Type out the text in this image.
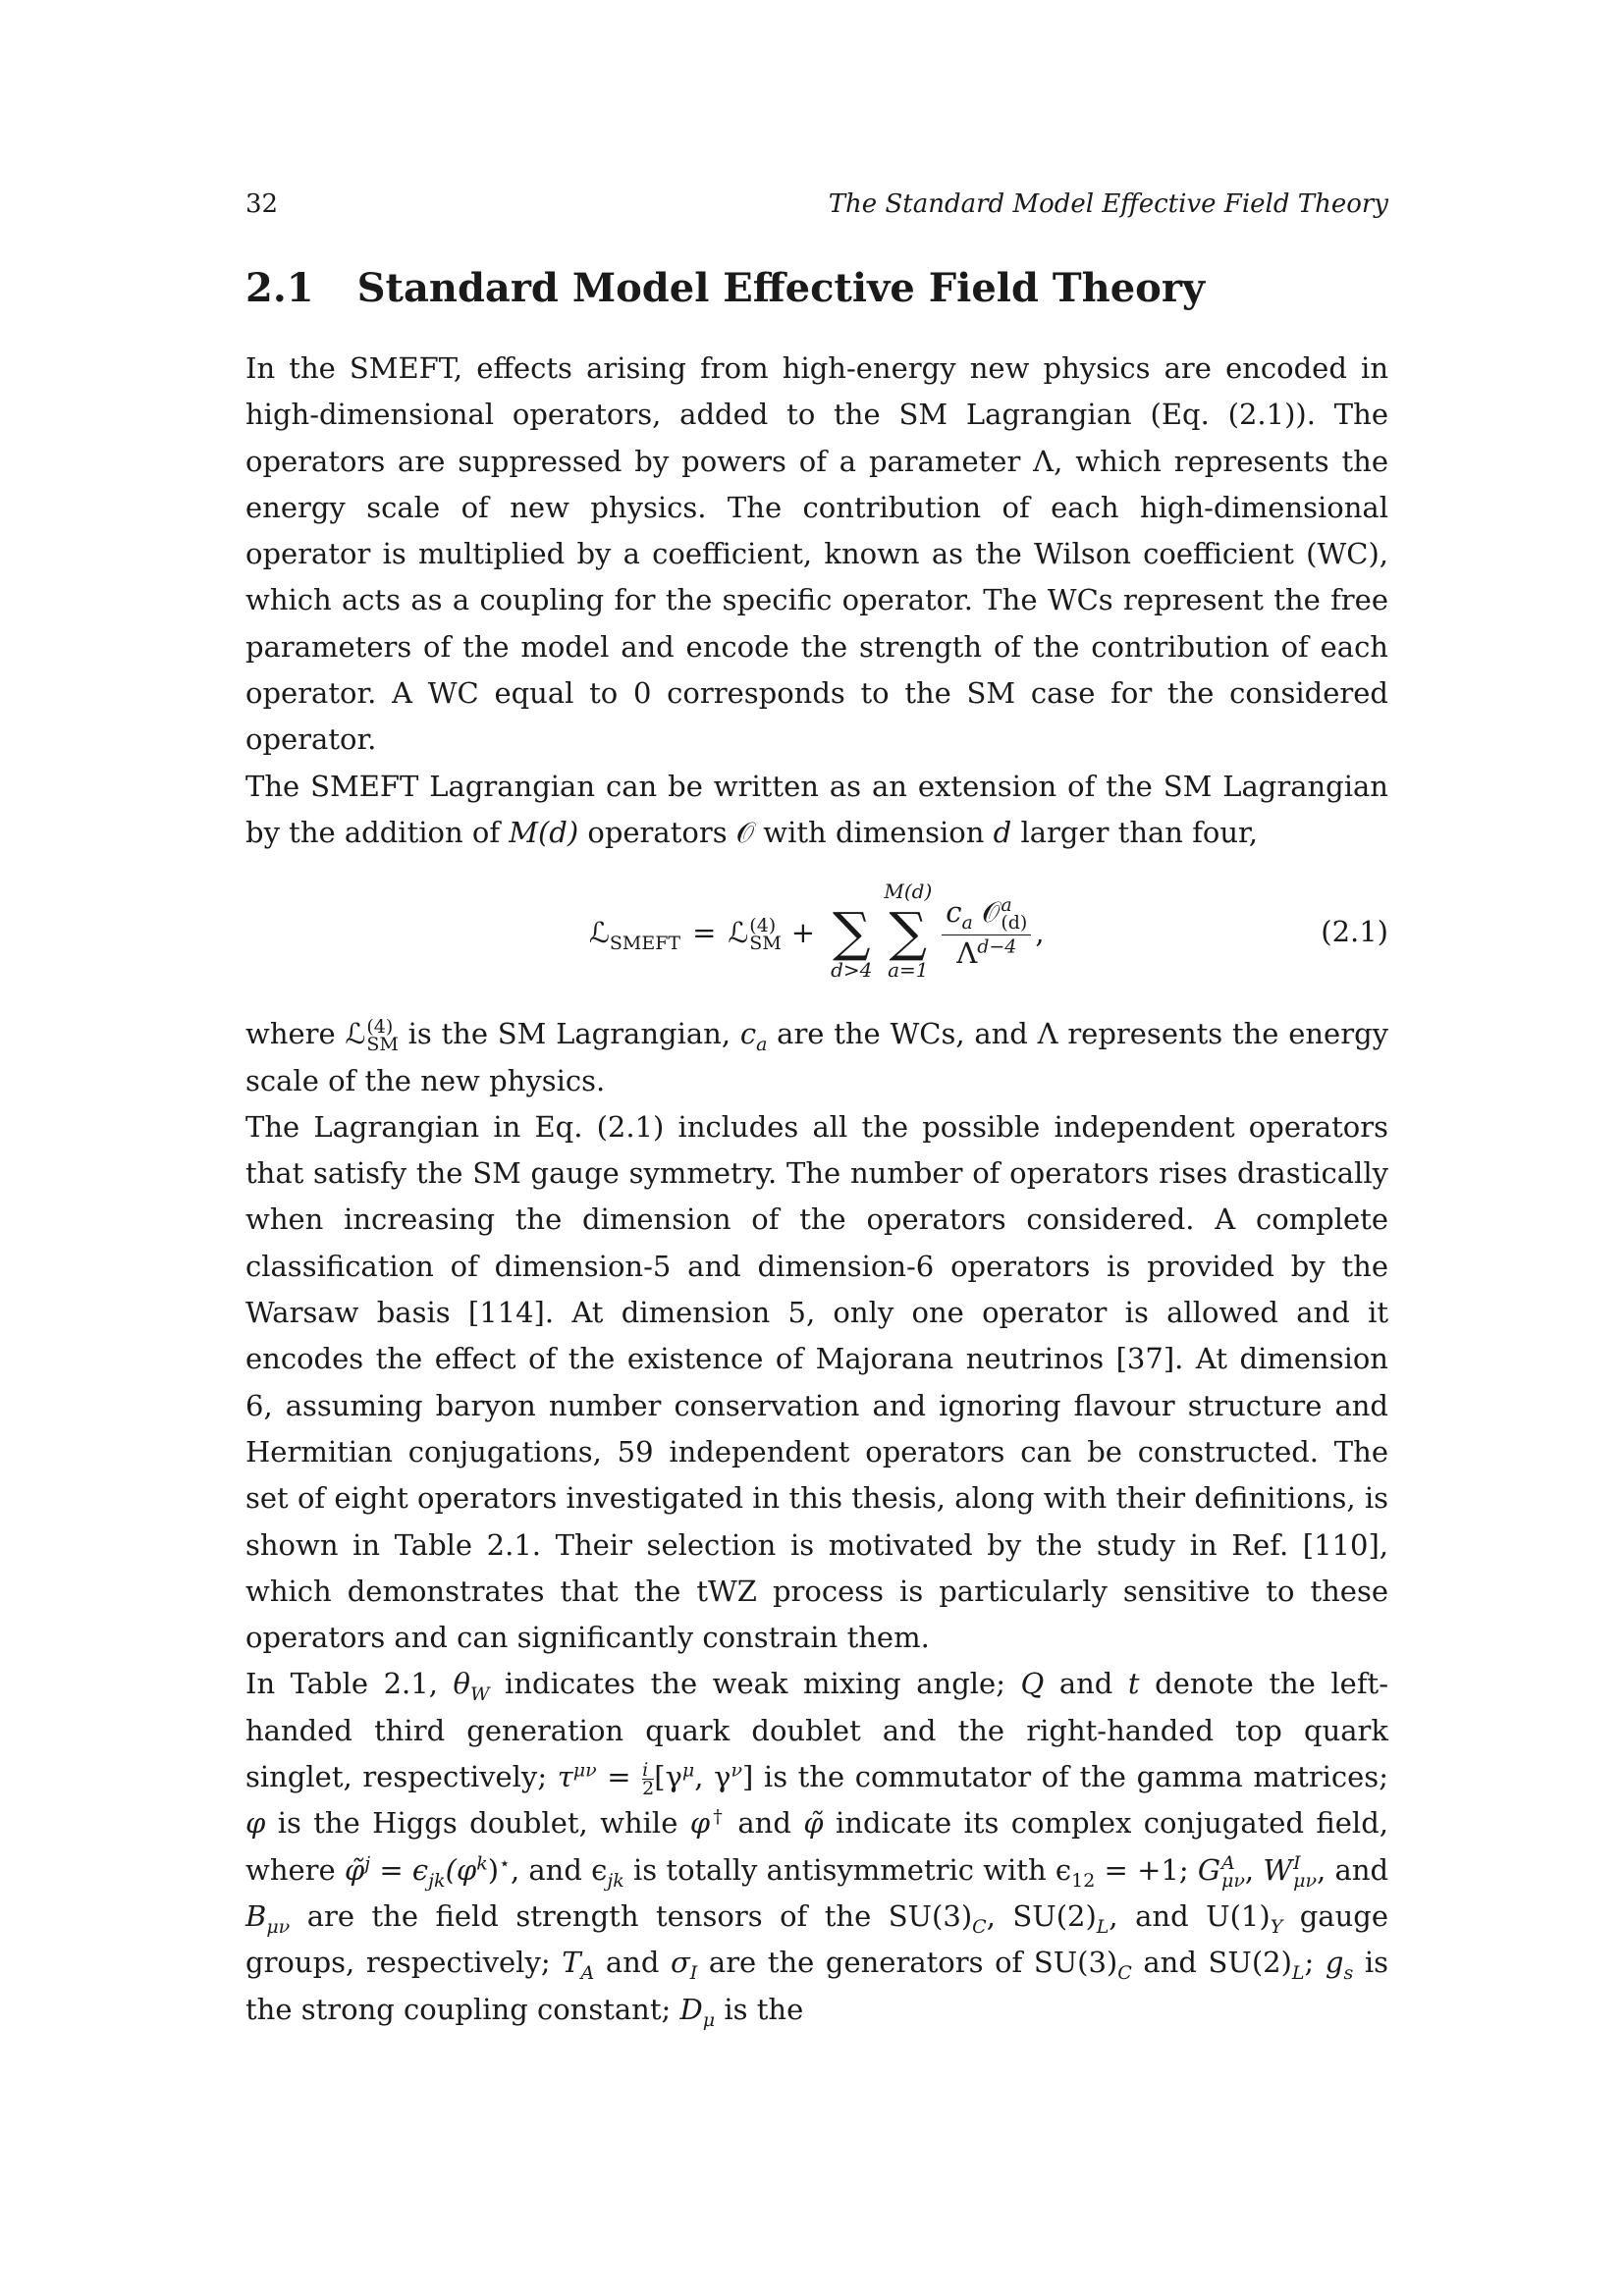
32	The Standard Model Effective Field Theory
2.1 Standard Model Effective Field Theory

In the SMEFT, effects arising from high-energy new physics are encoded in high-dimensional operators, added to the SM Lagrangian (Eq. (2.1)). The operators are suppressed by powers of a parameter Λ, which represents the energy scale of new physics. The contribution of each high-dimensional operator is multiplied by a coefficient, known as the Wilson coefficient (WC), which acts as a coupling for the specific operator. The WCs represent the free parameters of the model and encode the strength of the contribution of each operator. A WC equal to 0 corresponds to the SM case for the considered operator.

The SMEFT Lagrangian can be written as an extension of the SM Lagrangian by the addition of M(d) operators 𝒪 with dimension d larger than four,

ℒ$_{SMEFT}$ = ℒ (4)
SM + ∑
d>4
M(d)
∑
a=1
$c_a$ 𝒪 a
(d)
$\Lambda^{d-4}$ ,	(2.1)

where ℒ (4)
SM is the SM Lagrangian, $c_a$ are the WCs, and Λ represents the energy scale of the new physics.

The Lagrangian in Eq. (2.1) includes all the possible independent operators that satisfy the SM gauge symmetry. The number of operators rises drastically when increasing the dimension of the operators considered. A complete classification of dimension-5 and dimension-6 operators is provided by the Warsaw basis [114]. At dimension 5, only one operator is allowed and it encodes the effect of the existence of Majorana neutrinos [37]. At dimension 6, assuming baryon number conservation and ignoring flavour structure and Hermitian conjugations, 59 independent operators can be constructed. The set of eight operators investigated in this thesis, along with their definitions, is shown in Table 2.1. Their selection is motivated by the study in Ref. [110], which demonstrates that the tWZ process is particularly sensitive to these operators and can significantly constrain them.

In Table 2.1, $\theta_W$ indicates the weak mixing angle; Q and t denote the left-handed third generation quark doublet and the right-handed top quark singlet, respectively; $\tau^{\mu\nu} = \frac{i}{2} [\gamma^\mu$, $\gamma^\nu$] is the commutator of the gamma matrices; φ is the Higgs doublet, while φ† and φ̃ indicate its complex conjugated field, where φ̃$^j$ = $\epsilon_{jk}(\varphi^k)^⋆$, and $\epsilon_{jk}$ is totally antisymmetric with $\epsilon_{12} = +1$; G A
μν , W I
μν , and $B_{\mu\nu}$ are the field strength tensors of the $SU(3)_C$, $SU(2)_L$, and $U(1)_Y$ gauge groups, respectively; $T_A$ and $\sigma_I$ are the generators of $SU(3)_C$ and $SU(2)_L$; $g_s$ is the strong coupling constant; $D_\mu$ is the
